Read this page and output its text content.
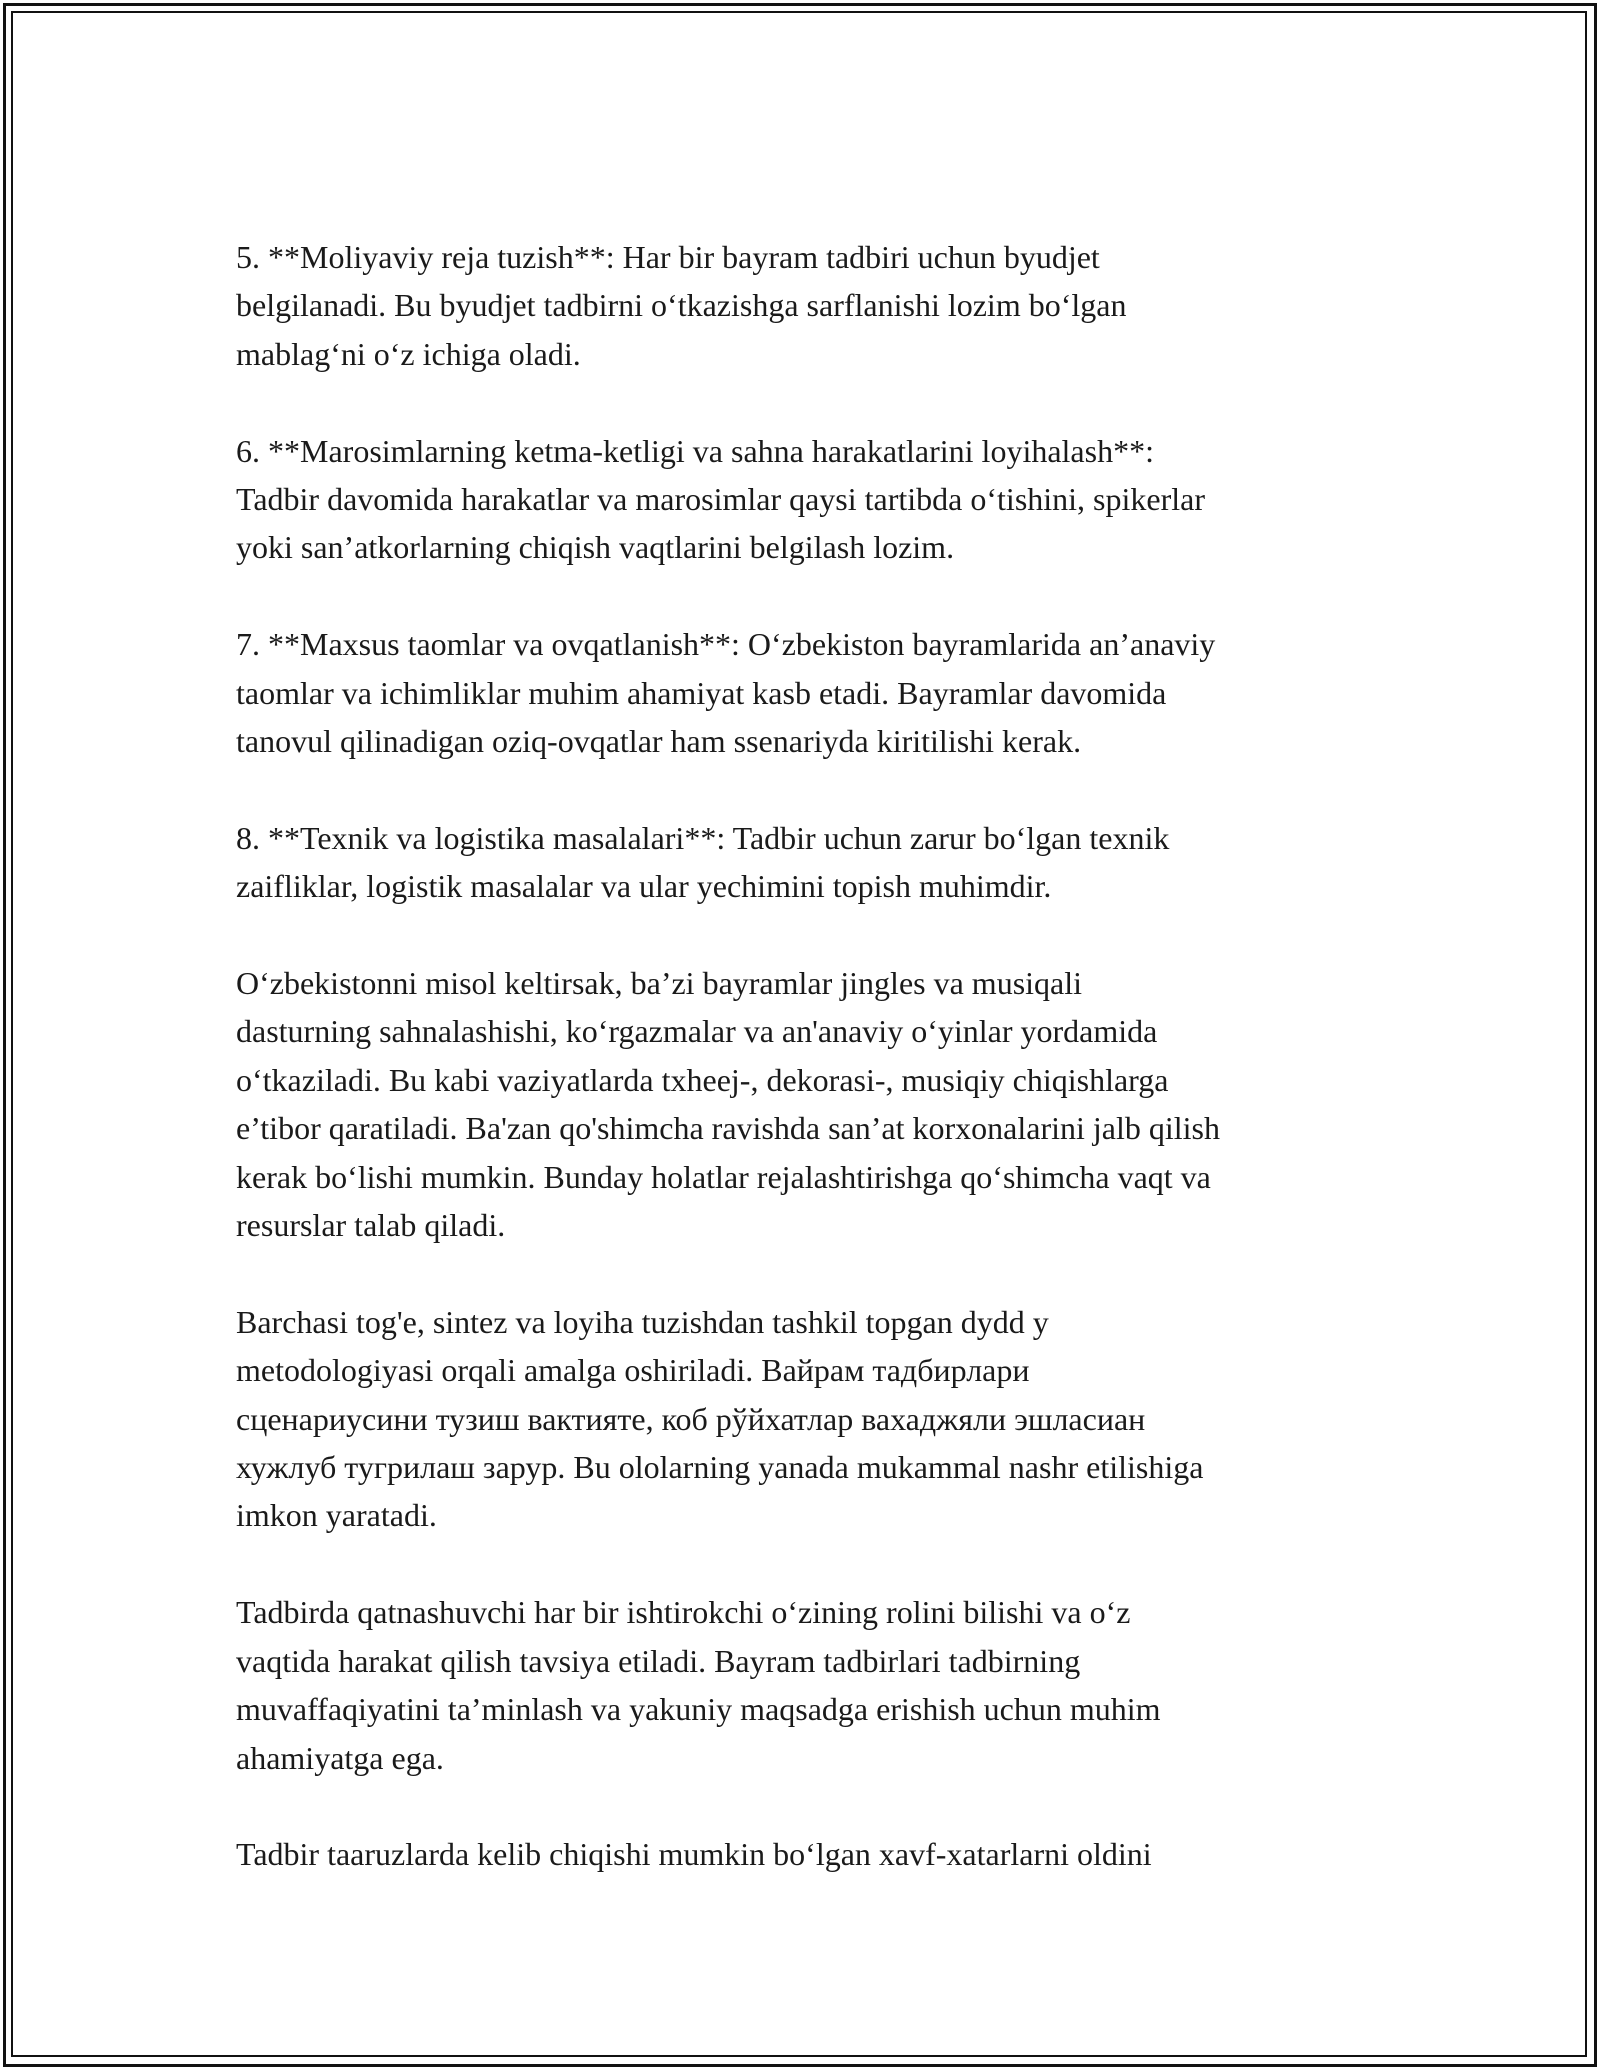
5. **Moliyaviy reja tuzish**: Har bir bayram tadbiri uchun byudjet
belgilanadi. Bu byudjet tadbirni o‘tkazishga sarflanishi lozim bo‘lgan
mablag‘ni o‘z ichiga oladi.

6. **Marosimlarning ketma-ketligi va sahna harakatlarini loyihalash**:
Tadbir davomida harakatlar va marosimlar qaysi tartibda o‘tishini, spikerlar
yoki san’atkorlarning chiqish vaqtlarini belgilash lozim.

7. **Maxsus taomlar va ovqatlanish**: O‘zbekiston bayramlarida an’anaviy
taomlar va ichimliklar muhim ahamiyat kasb etadi. Bayramlar davomida
tanovul qilinadigan oziq-ovqatlar ham ssenariyda kiritilishi kerak.

8. **Texnik va logistika masalalari**: Tadbir uchun zarur bo‘lgan texnik
zaifliklar, logistik masalalar va ular yechimini topish muhimdir.

O‘zbekistonni misol keltirsak, ba’zi bayramlar jingles va musiqali
dasturning sahnalashishi, ko‘rgazmalar va an'anaviy o‘yinlar yordamida
o‘tkaziladi. Bu kabi vaziyatlarda txheej-, dekorasi-, musiqiy chiqishlarga
e’tibor qaratiladi. Ba'zan qo'shimcha ravishda san’at korxonalarini jalb qilish
kerak bo‘lishi mumkin. Bunday holatlar rejalashtirishga qo‘shimcha vaqt va
resurslar talab qiladi.

Barchasi tog'e, sintez va loyiha tuzishdan tashkil topgan dydd y
metodologiyasi orqali amalga oshiriladi. Вайрам тадбирлари
сценариусини тузиш вактияте, коб рўйхатлар вахаджяли эшласиан
хужлуб тугрилаш зарур. Bu ololarning yanada mukammal nashr etilishiga
imkon yaratadi.

Tadbirda qatnashuvchi har bir ishtirokchi o‘zining rolini bilishi va o‘z
vaqtida harakat qilish tavsiya etiladi. Bayram tadbirlari tadbirning
muvaffaqiyatini ta’minlash va yakuniy maqsadga erishish uchun muhim
ahamiyatga ega.

Tadbir taaruzlarda kelib chiqishi mumkin bo‘lgan xavf-xatarlarni oldini
